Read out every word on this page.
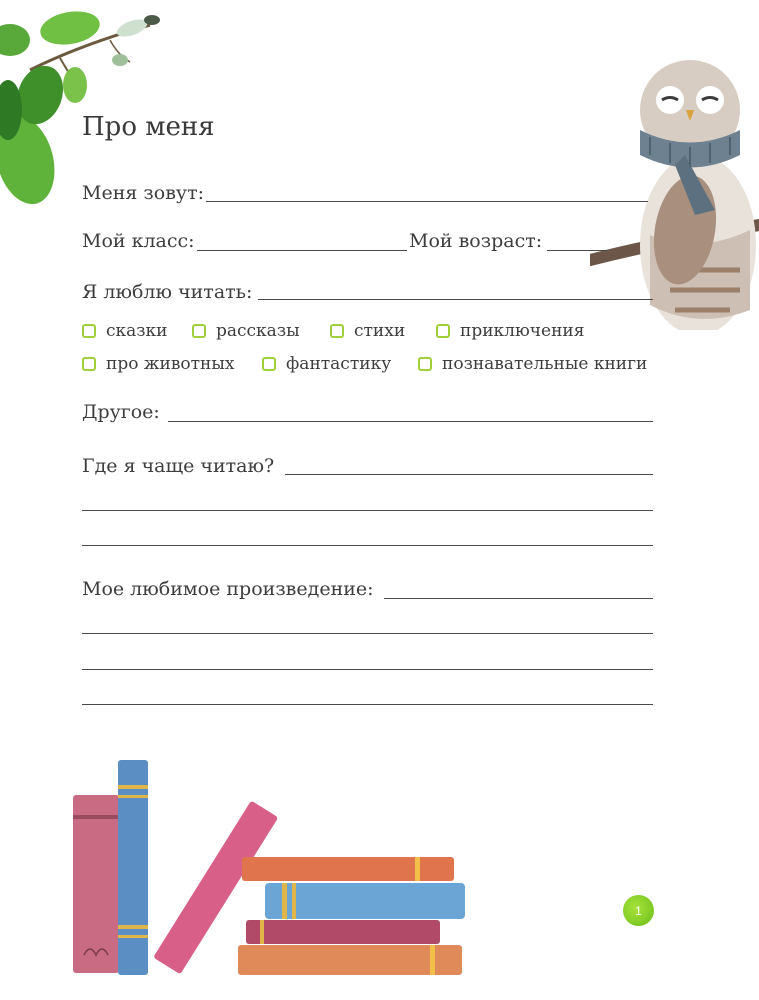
Про меня
Меня зовут:
Мой класс:	Мой возраст:
Я люблю читать:
сказки	рассказы	стихи	приключения
про животных	фантастику	познавательные книги
Другое:
Где я чаще читаю?
Мое любимое произведение:
1
